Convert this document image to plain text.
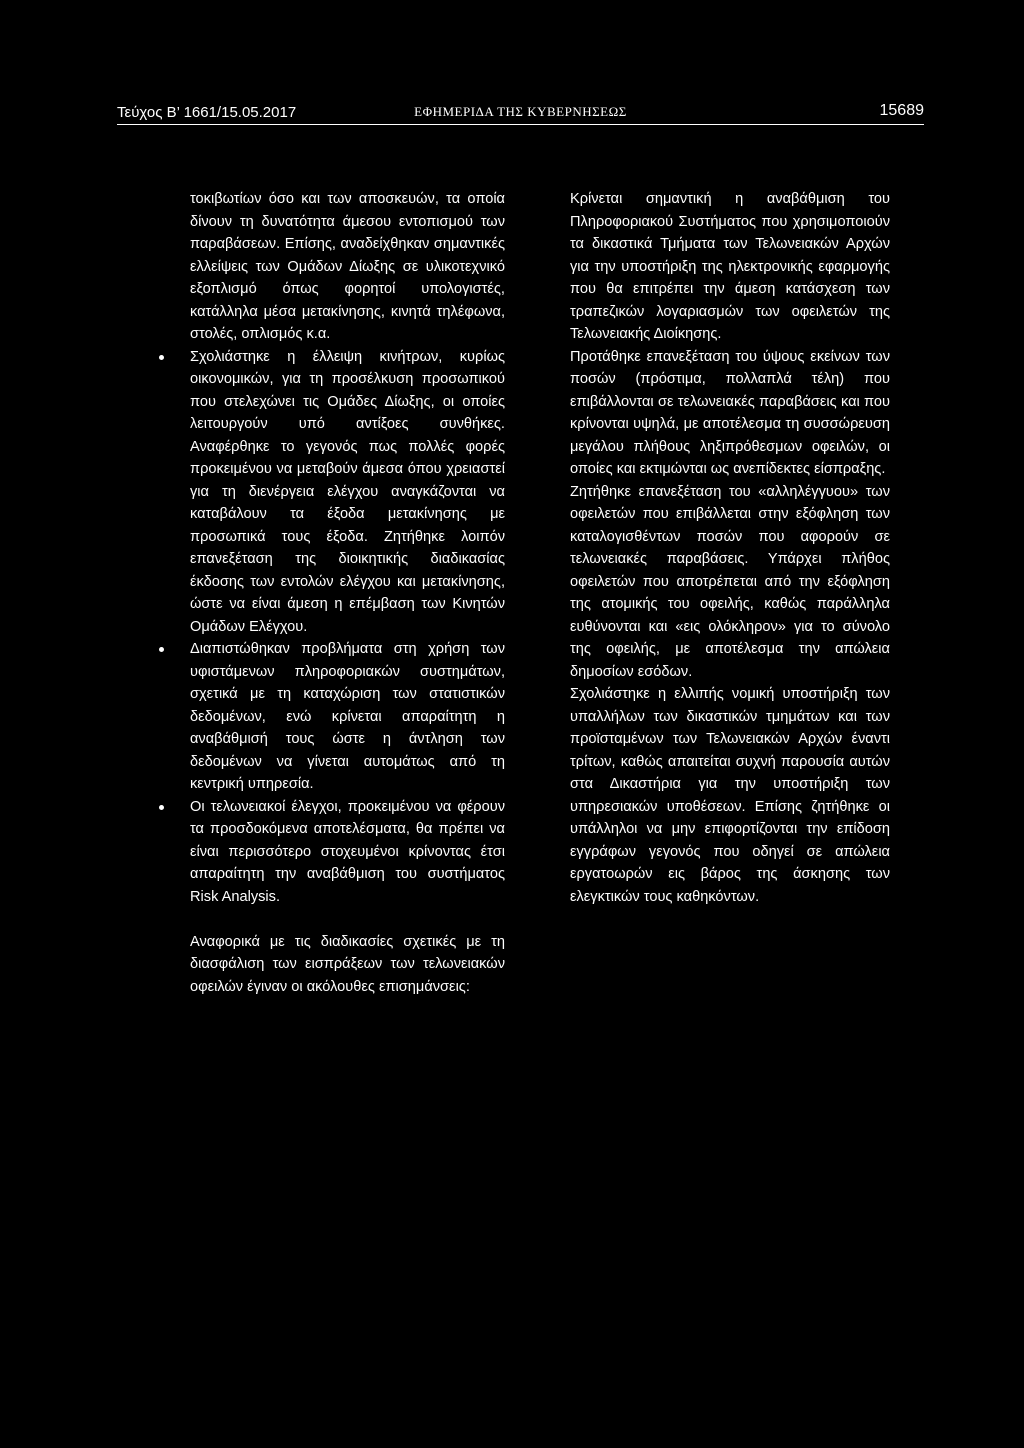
Τεύχος B’ 1661/15.05.2017	ΕΦΗΜΕΡΙΔΑ ΤΗΣ ΚΥΒΕΡΝΗΣΕΩΣ	15689

τοκιβωτίων όσο και των αποσκευών, τα οποία δίνουν τη δυνατότητα άμεσου εντοπισμού των παραβάσεων. Επίσης, αναδείχθηκαν σημαντικές ελλείψεις των Ομάδων Δίωξης σε υλικοτεχνικό εξοπλισμό όπως φορητοί υπολογιστές, κατάλληλα μέσα μετακίνησης, κινητά τηλέφωνα, στολές, οπλισμός κ.α.

Σχολιάστηκε η έλλειψη κινήτρων, κυρίως οικονομικών, για τη προσέλκυση προσωπικού που στελεχώνει τις Ομάδες Δίωξης, οι οποίες λειτουργούν υπό αντίξοες συνθήκες. Αναφέρθηκε το γεγονός πως πολλές φορές προκειμένου να μεταβούν άμεσα όπου χρειαστεί για τη διενέργεια ελέγχου αναγκάζονται να καταβάλουν τα έξοδα μετακίνησης με προσωπικά τους έξοδα. Ζητήθηκε λοιπόν επανεξέταση της διοικητικής διαδικασίας έκδοσης των εντολών ελέγχου και μετακίνησης, ώστε να είναι άμεση η επέμβαση των Κινητών Ομάδων Ελέγχου.

Διαπιστώθηκαν προβλήματα στη χρήση των υφιστάμενων πληροφοριακών συστημάτων, σχετικά με τη καταχώριση των στατιστικών δεδομένων, ενώ κρίνεται απαραίτητη η αναβάθμισή τους ώστε η άντληση των δεδομένων να γίνεται αυτομάτως από τη κεντρική υπηρεσία.

Οι τελωνειακοί έλεγχοι, προκειμένου να φέρουν τα προσδοκόμενα αποτελέσματα, θα πρέπει να είναι περισσότερο στοχευμένοι κρίνοντας έτσι απαραίτητη την αναβάθμιση του συστήματος Risk Analysis.

Αναφορικά με τις διαδικασίες σχετικές με τη διασφάλιση των εισπράξεων των τελωνειακών οφειλών έγιναν οι ακόλουθες επισημάνσεις:

Κρίνεται σημαντική η αναβάθμιση του Πληροφοριακού Συστήματος που χρησιμοποιούν τα δικαστικά Τμήματα των Τελωνειακών Αρχών για την υποστήριξη της ηλεκτρονικής εφαρμογής που θα επιτρέπει την άμεση κατάσχεση των τραπεζικών λογαριασμών των οφειλετών της Τελωνειακής Διοίκησης.

Προτάθηκε επανεξέταση του ύψους εκείνων των ποσών (πρόστιμα, πολλαπλά τέλη) που επιβάλλονται σε τελωνειακές παραβάσεις και που κρίνονται υψηλά, με αποτέλεσμα τη συσσώρευση μεγάλου πλήθους ληξιπρόθεσμων οφειλών, οι οποίες και εκτιμώνται ως ανεπίδεκτες είσπραξης.

Ζητήθηκε επανεξέταση του «αλληλέγγυου» των οφειλετών που επιβάλλεται στην εξόφληση των καταλογισθέντων ποσών που αφορούν σε τελωνειακές παραβάσεις. Υπάρχει πλήθος οφειλετών που αποτρέπεται από την εξόφληση της ατομικής του οφειλής, καθώς παράλληλα ευθύνονται και «εις ολόκληρον» για το σύνολο της οφειλής, με αποτέλεσμα την απώλεια δημοσίων εσόδων.

Σχολιάστηκε η ελλιπής νομική υποστήριξη των υπαλλήλων των δικαστικών τμημάτων και των προϊσταμένων των Τελωνειακών Αρχών έναντι τρίτων, καθώς απαιτείται συχνή παρουσία αυτών στα Δικαστήρια για την υποστήριξη των υπηρεσιακών υποθέσεων. Επίσης ζητήθηκε οι υπάλληλοι να μην επιφορτίζονται την επίδοση εγγράφων γεγονός που οδηγεί σε απώλεια εργατοωρών εις βάρος της άσκησης των ελεγκτικών τους καθηκόντων.
